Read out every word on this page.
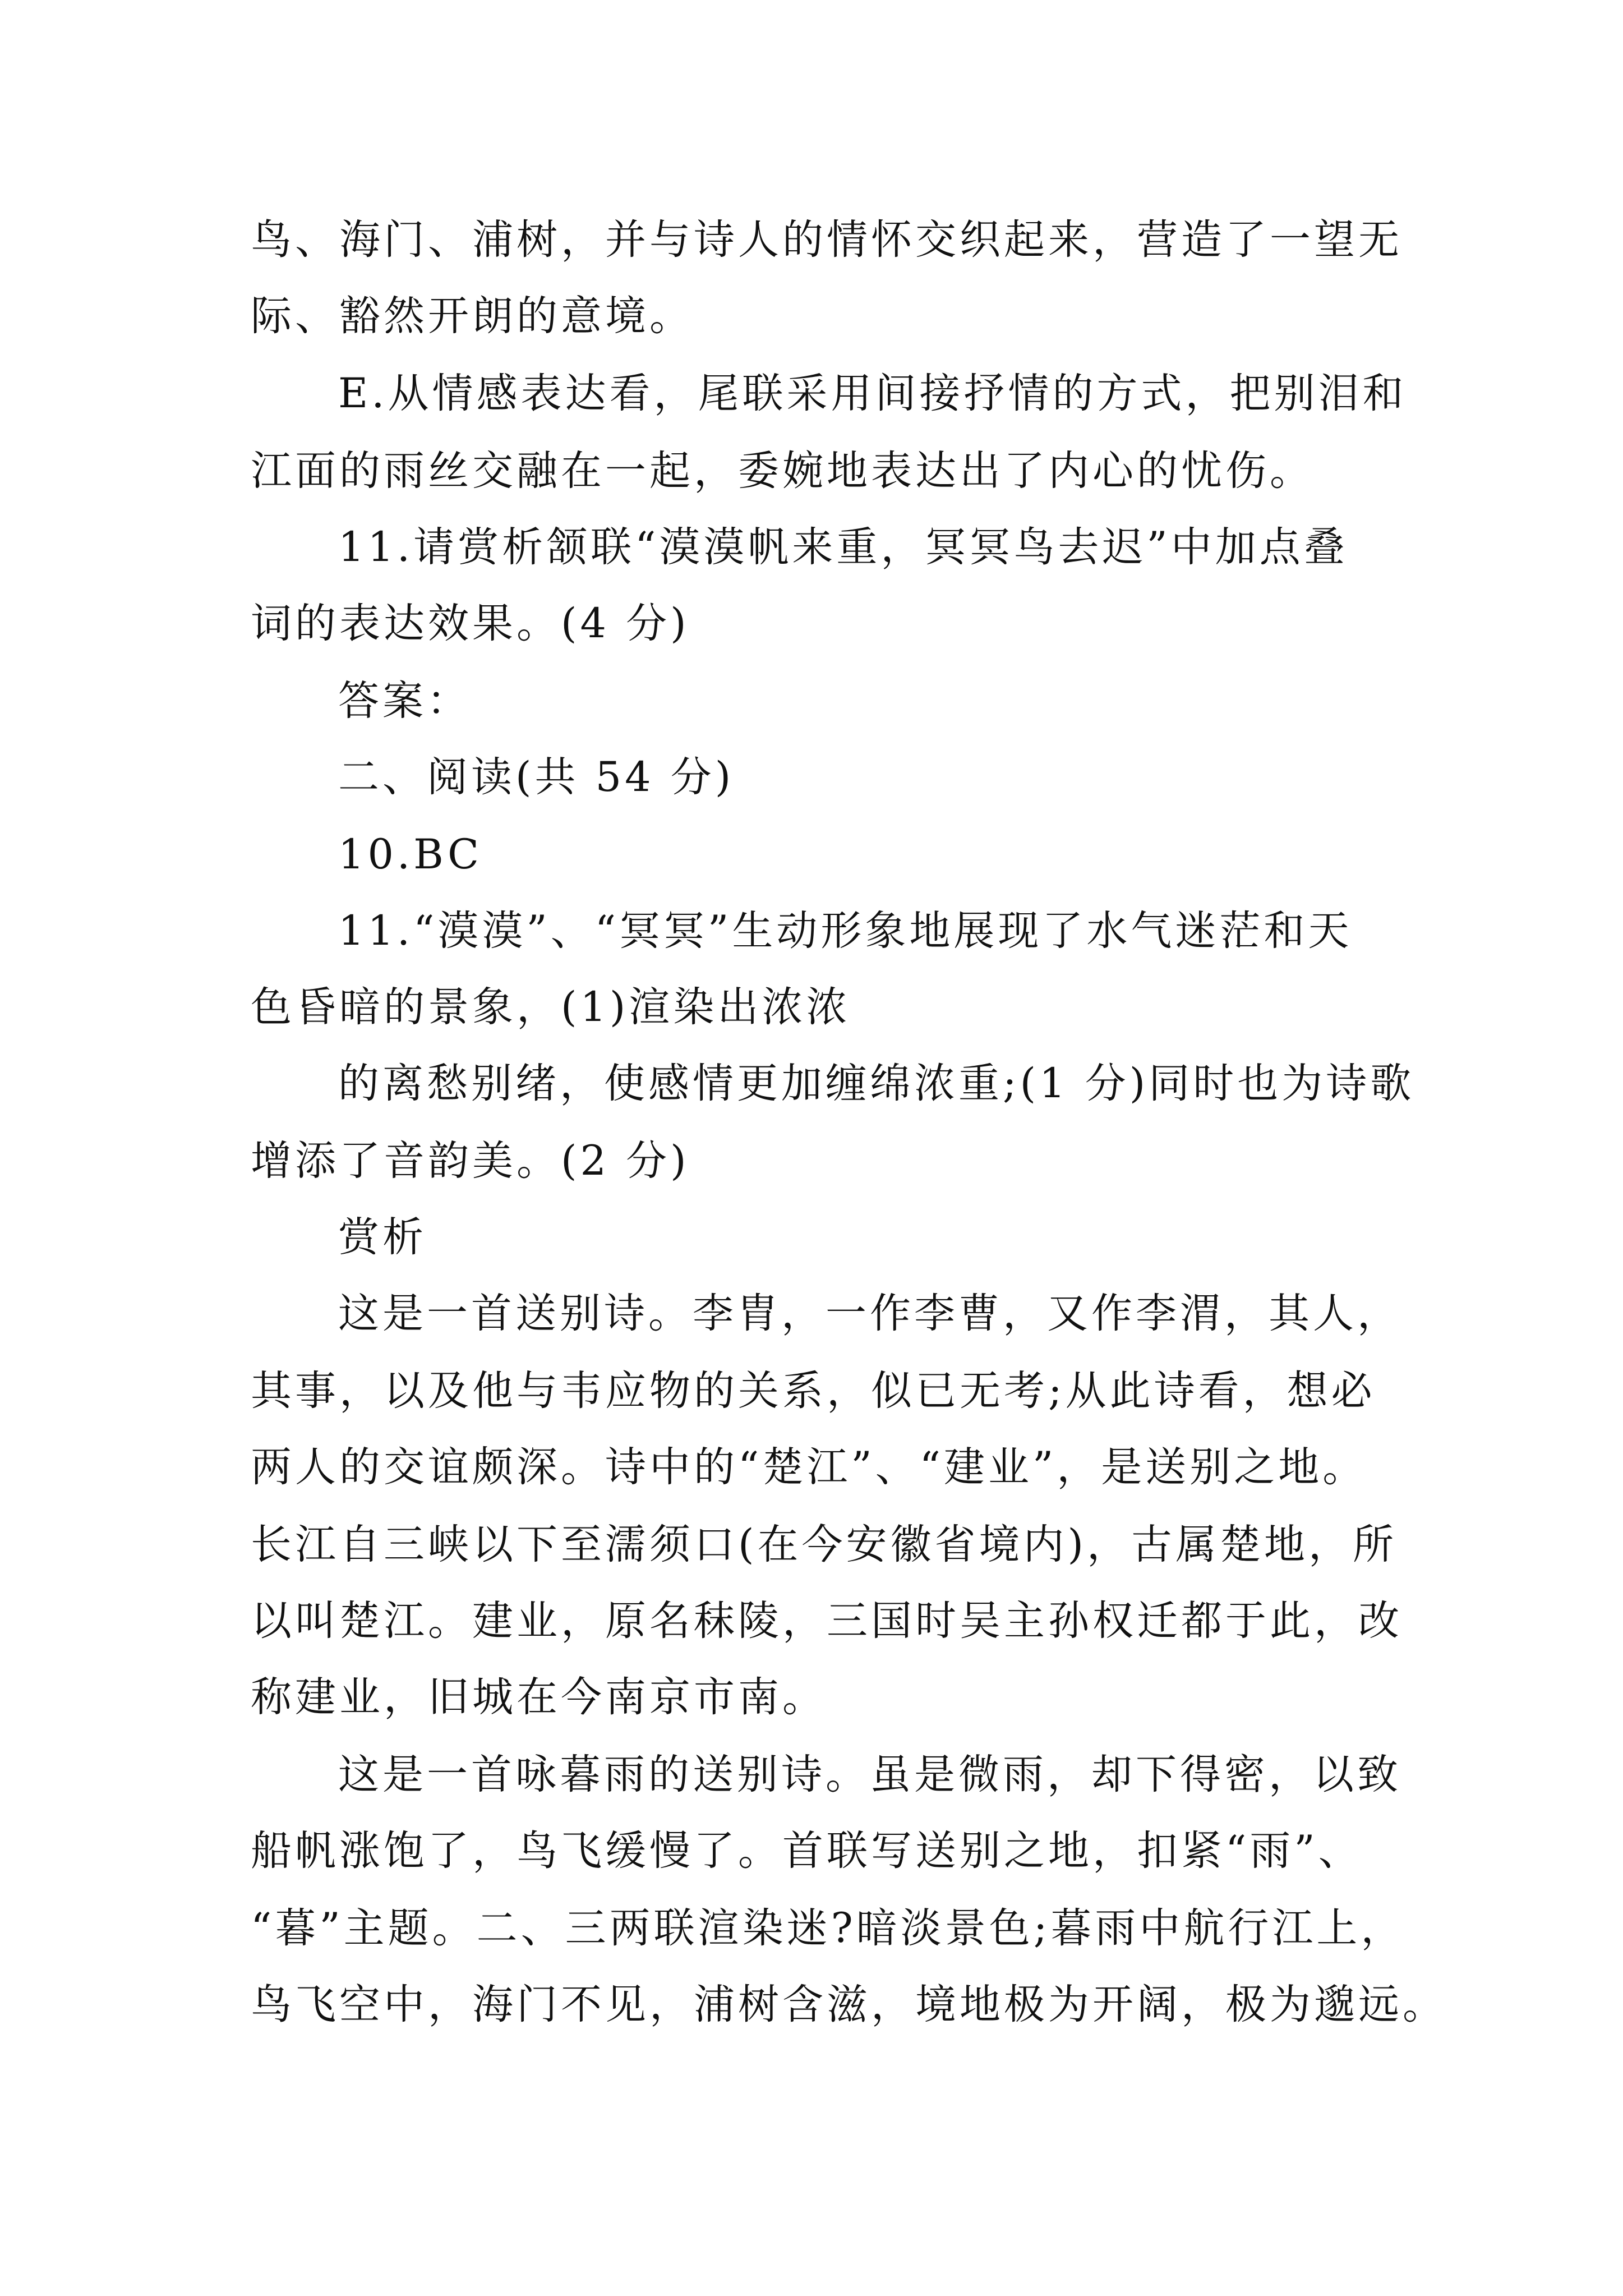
鸟、海门、浦树，并与诗人的情怀交织起来，营造了一望无
际、豁然开朗的意境。
E.从情感表达看，尾联采用间接抒情的方式，把别泪和
江面的雨丝交融在一起，委婉地表达出了内心的忧伤。
11.请赏析颔联“漠漠帆来重，冥冥鸟去迟”中加点叠
词的表达效果。(4 分)
答案：
二、阅读(共 54 分)
10.BC
11.“漠漠”、“冥冥”生动形象地展现了水气迷茫和天
色昏暗的景象，(1)渲染出浓浓
的离愁别绪，使感情更加缠绵浓重;(1 分)同时也为诗歌
增添了音韵美。(2 分)
赏析
这是一首送别诗。李胄，一作李曹，又作李渭，其人，
其事，以及他与韦应物的关系，似已无考;从此诗看，想必
两人的交谊颇深。诗中的“楚江”、“建业”，是送别之地。
长江自三峡以下至濡须口(在今安徽省境内)，古属楚地，所
以叫楚江。建业，原名秣陵，三国时吴主孙权迁都于此，改
称建业，旧城在今南京市南。
这是一首咏暮雨的送别诗。虽是微雨，却下得密，以致
船帆涨饱了，鸟飞缓慢了。首联写送别之地，扣紧“雨”、
“暮”主题。二、三两联渲染迷?暗淡景色;暮雨中航行江上，
鸟飞空中，海门不见，浦树含滋，境地极为开阔，极为邈远。
